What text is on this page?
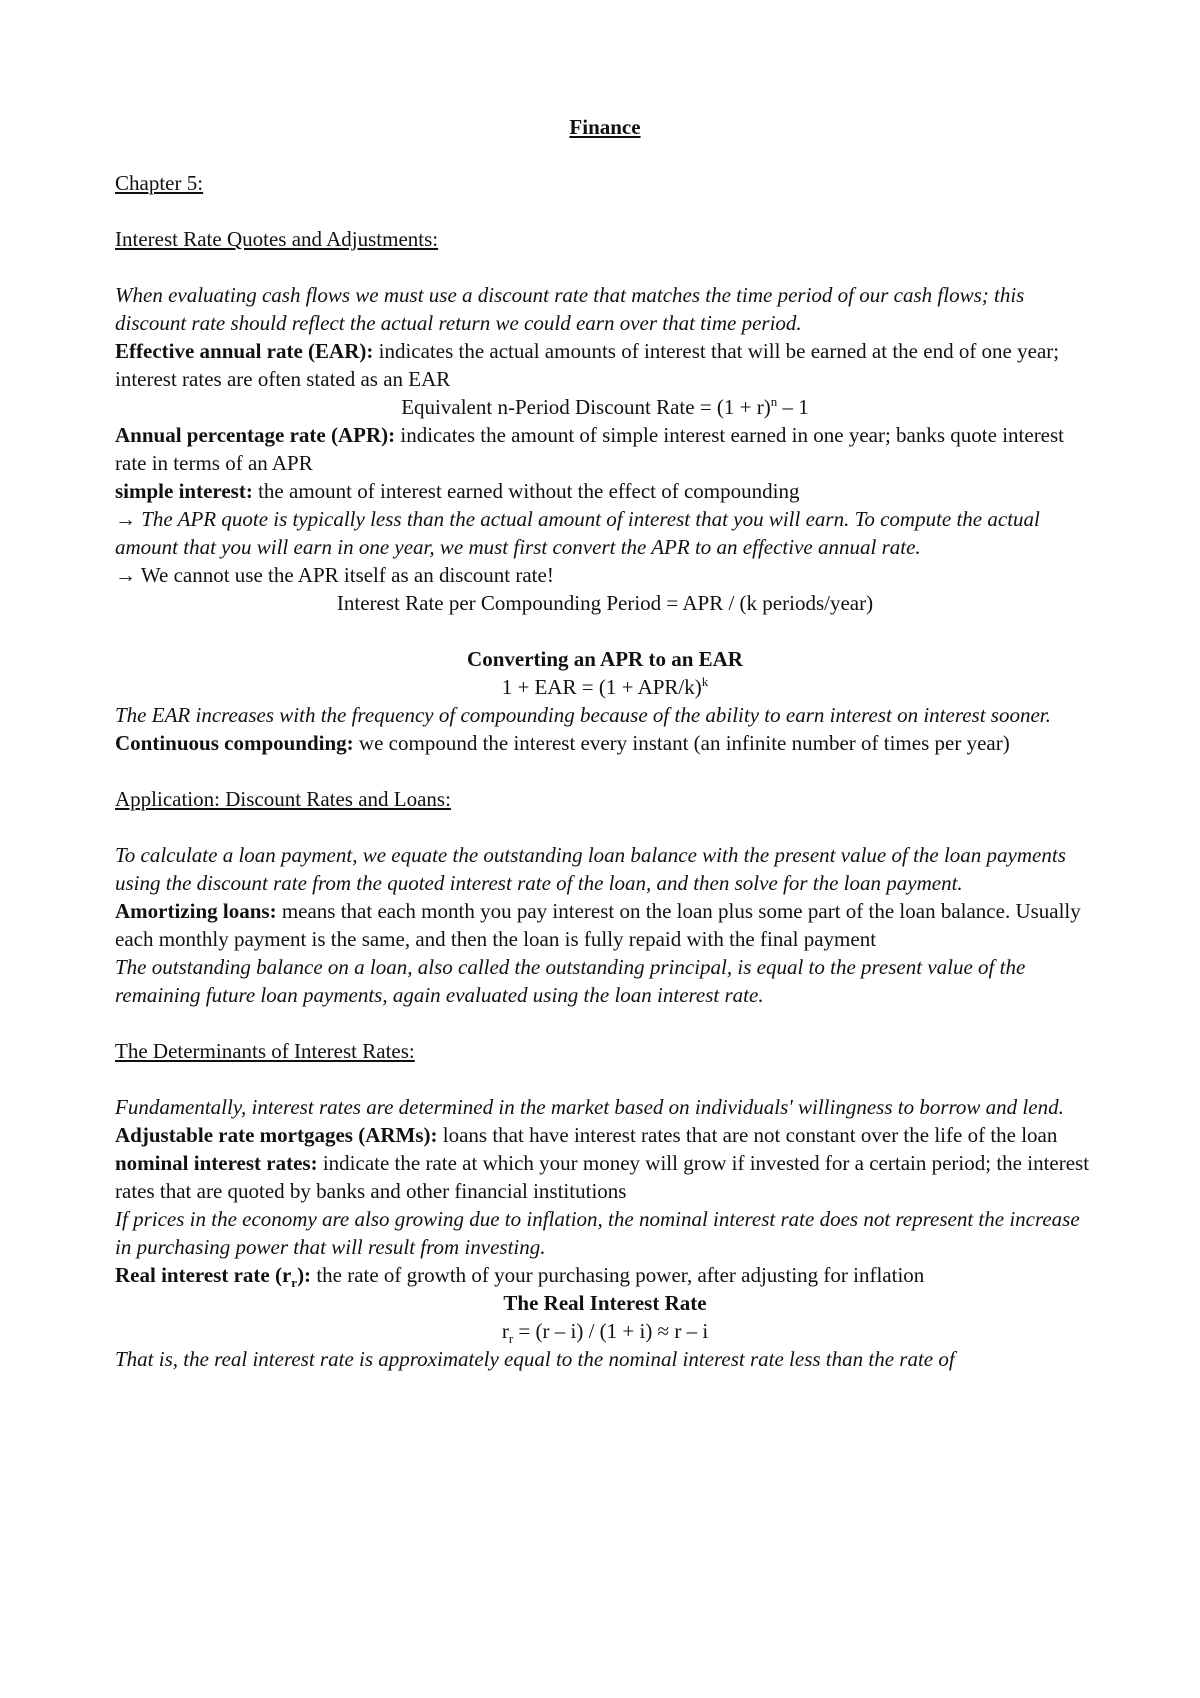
Finance

Chapter 5:

Interest Rate Quotes and Adjustments:

When evaluating cash flows we must use a discount rate that matches the time period of our cash flows; this discount rate should reflect the actual return we could earn over that time period.

Effective annual rate (EAR): indicates the actual amounts of interest that will be earned at the end of one year; interest rates are often stated as an EAR

Equivalent n-Period Discount Rate = $(1 + r)^n - 1$

Annual percentage rate (APR): indicates the amount of simple interest earned in one year; banks quote interest rate in terms of an APR

simple interest: the amount of interest earned without the effect of compounding

→ The APR quote is typically less than the actual amount of interest that you will earn. To compute the actual amount that you will earn in one year, we must first convert the APR to an effective annual rate.

→ We cannot use the APR itself as an discount rate!

Interest Rate per Compounding Period = APR / (k periods/year)

Converting an APR to an EAR

1 + EAR = (1 + APR/$k)^k$

The EAR increases with the frequency of compounding because of the ability to earn interest on interest sooner.

Continuous compounding: we compound the interest every instant (an infinite number of times per year)

Application: Discount Rates and Loans:

To calculate a loan payment, we equate the outstanding loan balance with the present value of the loan payments using the discount rate from the quoted interest rate of the loan, and then solve for the loan payment.

Amortizing loans: means that each month you pay interest on the loan plus some part of the loan balance. Usually each monthly payment is the same, and then the loan is fully repaid with the final payment

The outstanding balance on a loan, also called the outstanding principal, is equal to the present value of the remaining future loan payments, again evaluated using the loan interest rate.

The Determinants of Interest Rates:

Fundamentally, interest rates are determined in the market based on individuals' willingness to borrow and lend.

Adjustable rate mortgages (ARMs): loans that have interest rates that are not constant over the life of the loan

nominal interest rates: indicate the rate at which your money will grow if invested for a certain period; the interest rates that are quoted by banks and other financial institutions

If prices in the economy are also growing due to inflation, the nominal interest rate does not represent the increase in purchasing power that will result from investing.

Real interest rate $(r_r)$: the rate of growth of your purchasing power, after adjusting for inflation

The Real Interest Rate

$r_r = (r - i) / (1 + i) \approx r - i$

That is, the real interest rate is approximately equal to the nominal interest rate less than the rate of
